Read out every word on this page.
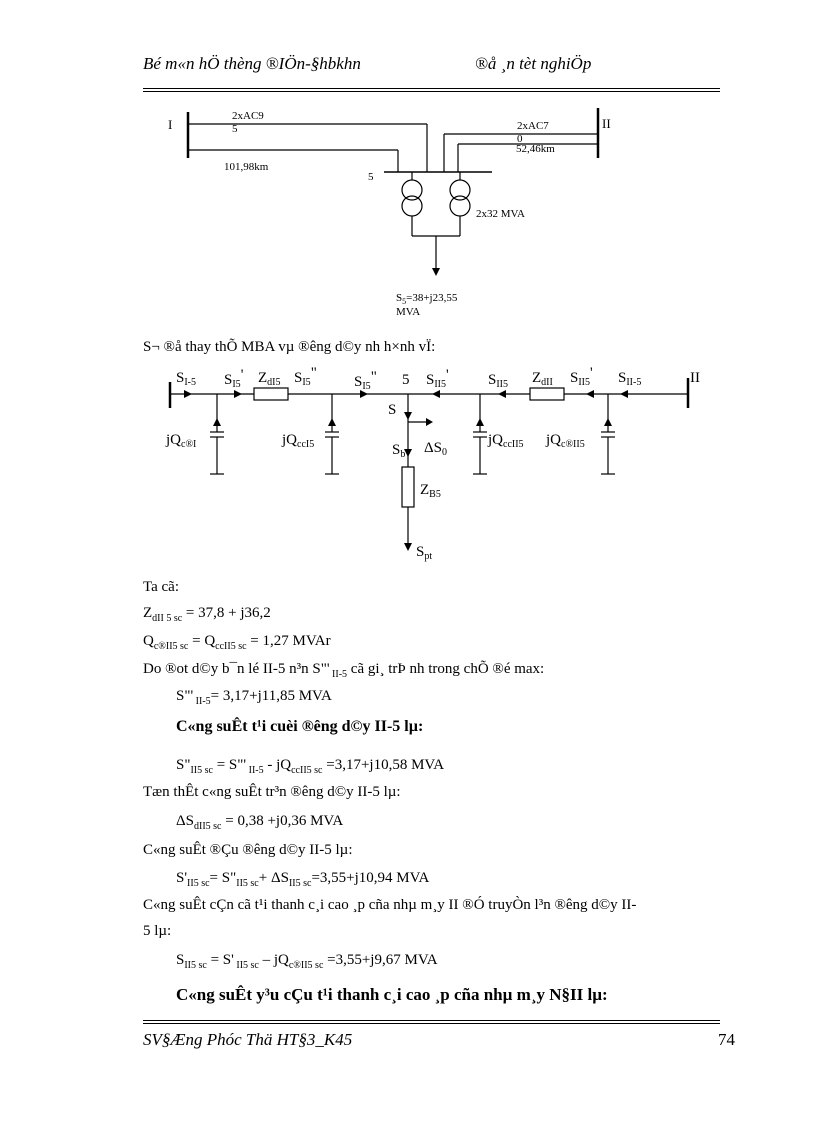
Bé m«n hÖ thèng ®IÖn-§hbkhn	®å ¸n tèt nghiÖp
I	II
2xAC9
5
101,98km
2xAC7
0
52,46km
5
2x32 MVA
$S_5=38+j23,55$
MVA
S¬ ®å thay thÕ MBA vµ ®êng d©y nh h×nh vÏ:
$S_{I-5}$ $S_{I5}'$ $Z_{dI5}$ $S_{I5}$"
$S_{I5}$" 5 $S_{II5}'$	$S_{II5}$ $Z_{dII}$ $S_{II5}'$ $S_{II-5}$	II
$jQ_{c®I}$	$jQ_{ccI5}$
S
$S_b$ $\Delta S_0$
$jQ_{ccII5}$ $jQ_{c®II5}$
$Z_{B5}$
$S_{pt}$
Ta cã:
$Z_{dII 5 sc} = 37,8 + j36,2$
$Q_{c®II5 sc} = Q_{ccII5 sc} = 1,27$ MVAr
Do ®ot d©y b¯n lé II-5 n³n S"' $_{II-5}$ cã gi¸ trÞ nh trong chÕ ®é max:
S"' $_{II-5}$= 3,17+j11,85 MVA
C«ng suÊt t¹i cuèi ®êng d©y II-5 lµ:
$S"_{II5 sc}$ = S"' $_{II-5} - jQ_{ccII5 sc} =3,17+j10,58$ MVA
Tæn thÊt c«ng suÊt tr³n ®êng d©y II-5 lµ:
$\Delta S_{dII5 sc} = 0,38 +j0,36$ MVA
C«ng suÊt ®Çu ®êng d©y II-5 lµ:
$S'_{II5 sc}=$ $S"_{II5 sc}+ \Delta S_{II5 sc}=3,55+j10,94$ MVA
C«ng suÊt cÇn cã t¹i thanh c¸i cao ¸p cña nhµ m¸y II ®Ó truyÒn l³n ®êng d©y II-
5 lµ:
$S_{II5 sc} = S'$ $_{II5 sc} - jQ_{c®II5 sc} =3,55+j9,67$ MVA
C«ng suÊt y³u cÇu t¹i thanh c¸i cao ¸p cña nhµ m¸y N§II lµ:
SV§Æng Phóc Thä HT§3_K45	74
